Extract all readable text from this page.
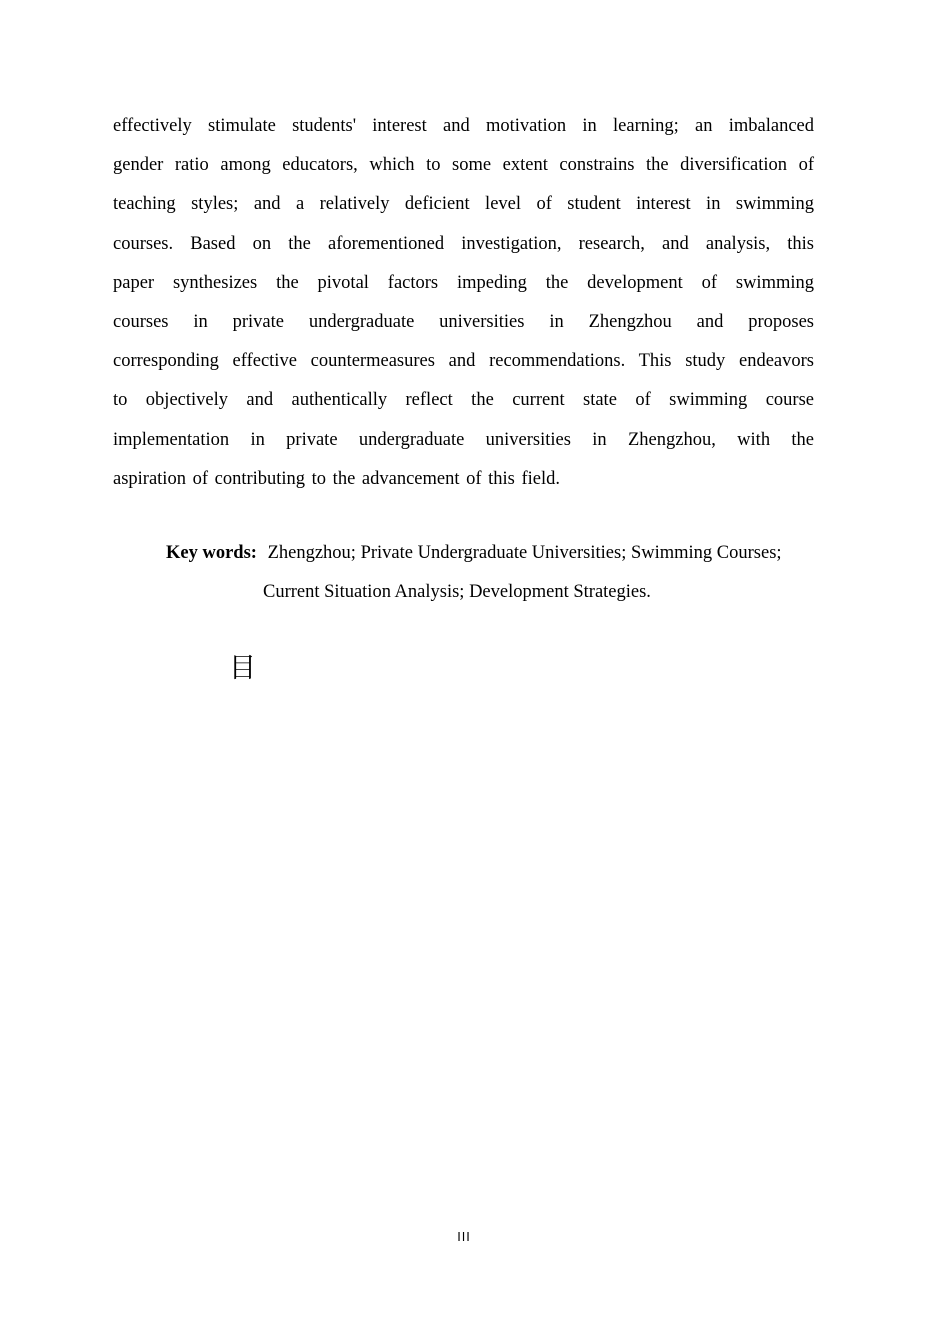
effectively stimulate students' interest and motivation in learning; an imbalanced
gender ratio among educators, which to some extent constrains the diversification of
teaching styles; and a relatively deficient level of student interest in swimming
courses. Based on the aforementioned investigation, research, and analysis, this
paper synthesizes the pivotal factors impeding the development of swimming
courses in private undergraduate universities in Zhengzhou and proposes
corresponding effective countermeasures and recommendations. This study endeavors
to objectively and authentically reflect the current state of swimming course
implementation in private undergraduate universities in Zhengzhou, with the
aspiration of contributing to the advancement of this field.
Key words: Zhengzhou; Private Undergraduate Universities; Swimming Courses;
Current Situation Analysis; Development Strategies.
目
III
